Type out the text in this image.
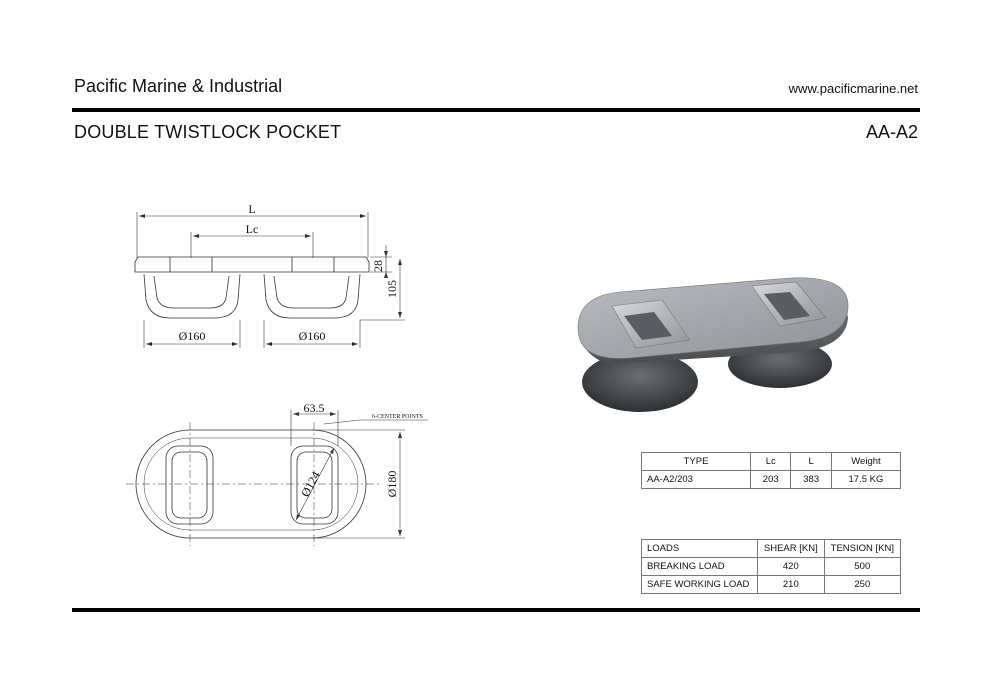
Pacific Marine & Industrial	www.pacificmarine.net
DOUBLE TWISTLOCK POCKET	AA-A2
L
Lc
28
105
Ø160	Ø160
63.5
6-CENTER POINTS
Ø124	Ø180
TYPE	Lc	L	Weight
AA-A2/203	203	383	17.5 KG
LOADS	SHEAR [KN]	TENSION [KN]
BREAKING LOAD	420	500
SAFE WORKING LOAD	210	250
